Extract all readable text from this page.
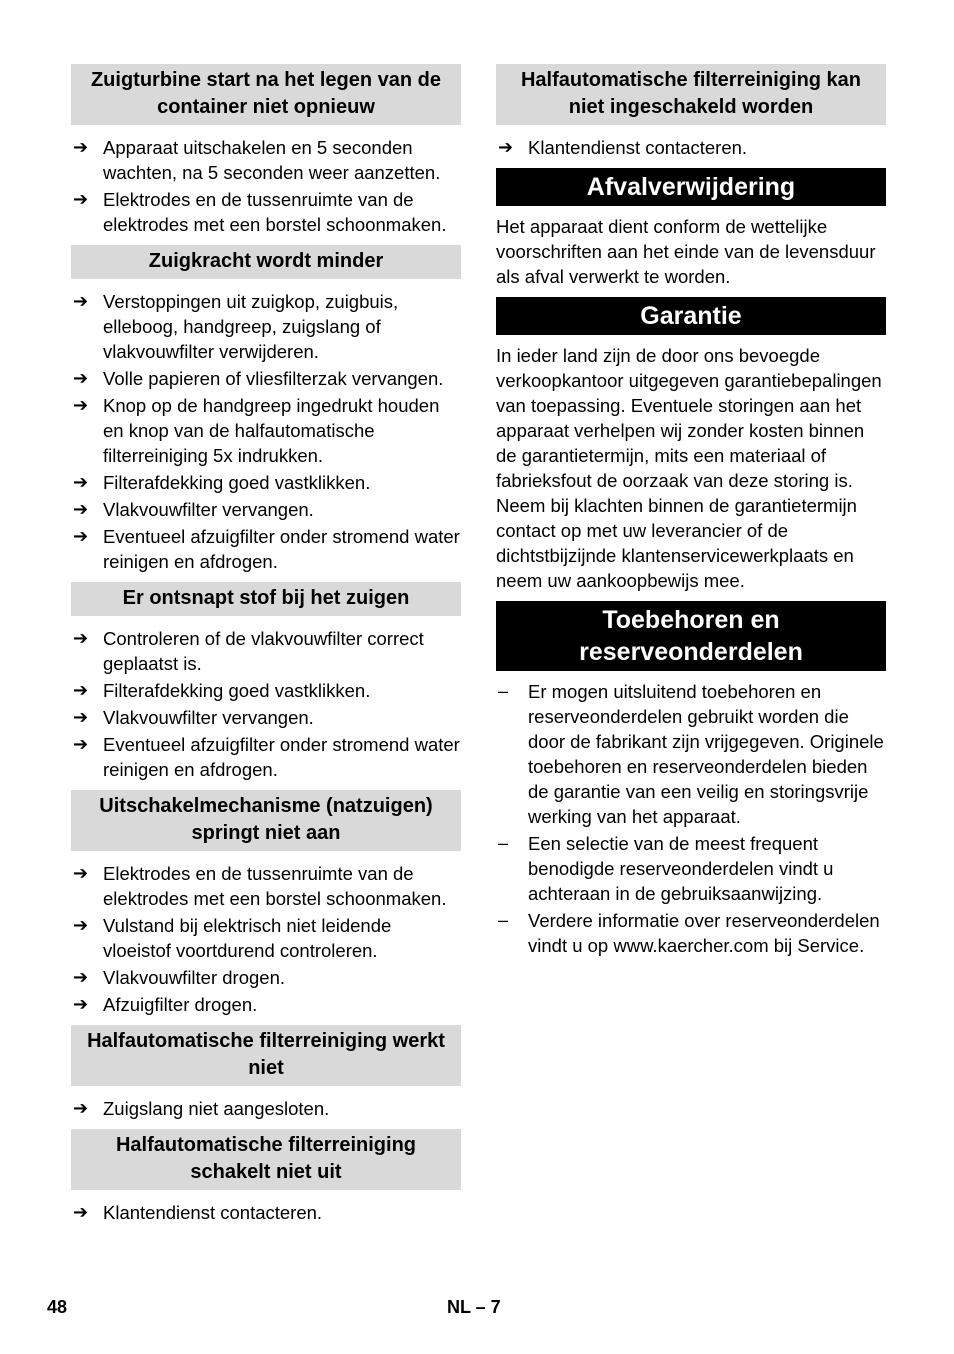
Zuigturbine start na het legen van de container niet opnieuw
➔ Apparaat uitschakelen en 5 seconden wachten, na 5 seconden weer aanzetten.
➔ Elektrodes en de tussenruimte van de elektrodes met een borstel schoonmaken.
Zuigkracht wordt minder
➔ Verstoppingen uit zuigkop, zuigbuis, elleboog, handgreep, zuigslang of vlakvouwfilter verwijderen.
➔ Volle papieren of vliesfilterzak vervangen.
➔ Knop op de handgreep ingedrukt houden en knop van de halfautomatische filterreiniging 5x indrukken.
➔ Filterafdekking goed vastklikken.
➔ Vlakvouwfilter vervangen.
➔ Eventueel afzuigfilter onder stromend water reinigen en afdrogen.
Er ontsnapt stof bij het zuigen
➔ Controleren of de vlakvouwfilter correct geplaatst is.
➔ Filterafdekking goed vastklikken.
➔ Vlakvouwfilter vervangen.
➔ Eventueel afzuigfilter onder stromend water reinigen en afdrogen.
Uitschakelmechanisme (natzuigen) springt niet aan
➔ Elektrodes en de tussenruimte van de elektrodes met een borstel schoonmaken.
➔ Vulstand bij elektrisch niet leidende vloeistof voortdurend controleren.
➔ Vlakvouwfilter drogen.
➔ Afzuigfilter drogen.
Halfautomatische filterreiniging werkt niet
➔ Zuigslang niet aangesloten.
Halfautomatische filterreiniging schakelt niet uit
➔ Klantendienst contacteren.
Halfautomatische filterreiniging kan niet ingeschakeld worden
➔ Klantendienst contacteren.
Afvalverwijdering

Het apparaat dient conform de wettelijke voorschriften aan het einde van de levensduur als afval verwerkt te worden.

Garantie

In ieder land zijn de door ons bevoegde verkoopkantoor uitgegeven garantiebepalingen van toepassing. Eventuele storingen aan het apparaat verhelpen wij zonder kosten binnen de garantietermijn, mits een materiaal of fabrieksfout de oorzaak van deze storing is. Neem bij klachten binnen de garantietermijn contact op met uw leverancier of de dichtstbijzijnde klantenservicewerkplaats en neem uw aankoopbewijs mee.

Toebehoren en reserveonderdelen
– Er mogen uitsluitend toebehoren en reserveonderdelen gebruikt worden die door de fabrikant zijn vrijgegeven. Originele toebehoren en reserveonderdelen bieden de garantie van een veilig en storingsvrije werking van het apparaat.
– Een selectie van de meest frequent benodigde reserveonderdelen vindt u achteraan in de gebruiksaanwijzing.
– Verdere informatie over reserveonderdelen vindt u op www.kaercher.com bij Service.
48	NL – 7
